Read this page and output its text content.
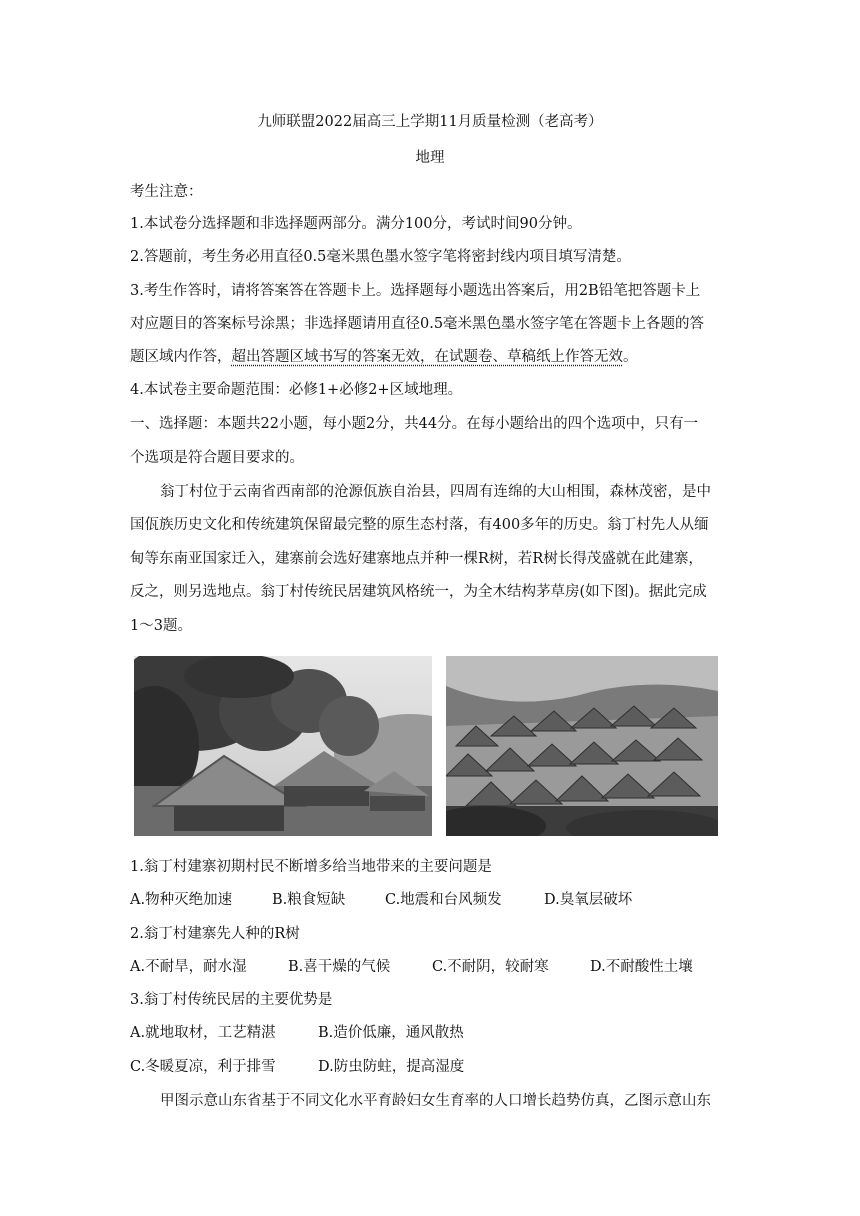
九师联盟2022届高三上学期11月质量检测（老高考）
地理
考生注意：
1.本试卷分选择题和非选择题两部分。满分100分，考试时间90分钟。
2.答题前，考生务必用直径0.5毫米黑色墨水签字笔将密封线内项目填写清楚。
3.考生作答时，请将答案答在答题卡上。选择题每小题选出答案后，用2B铅笔把答题卡上
对应题目的答案标号涂黑；非选择题请用直径0.5毫米黑色墨水签字笔在答题卡上各题的答
题区域内作答，超出答题区域书写的答案无效，在试题卷、草稿纸上作答无效。
4.本试卷主要命题范围：必修1+必修2+区域地理。
一、选择题：本题共22小题，每小题2分，共44分。在每小题给出的四个选项中，只有一
个选项是符合题目要求的。
翁丁村位于云南省西南部的沧源佤族自治县，四周有连绵的大山相围，森林茂密，是中
国佤族历史文化和传统建筑保留最完整的原生态村落，有400多年的历史。翁丁村先人从缅
甸等东南亚国家迁入，建寨前会选好建寨地点并种一棵R树，若R树长得茂盛就在此建寨，
反之，则另选地点。翁丁村传统民居建筑风格统一，为全木结构茅草房(如下图)。据此完成
1～3题。
1.翁丁村建寨初期村民不断增多给当地带来的主要问题是
A.物种灭绝加速	B.粮食短缺	C.地震和台风频发	D.臭氧层破坏
2.翁丁村建寨先人种的R树
A.不耐旱，耐水湿	B.喜干燥的气候	C.不耐阴，较耐寒	D.不耐酸性土壤
3.翁丁村传统民居的主要优势是
A.就地取材，工艺精湛	B.造价低廉，通风散热
C.冬暖夏凉，利于排雪	D.防虫防蛀，提高湿度
甲图示意山东省基于不同文化水平育龄妇女生育率的人口增长趋势仿真，乙图示意山东
